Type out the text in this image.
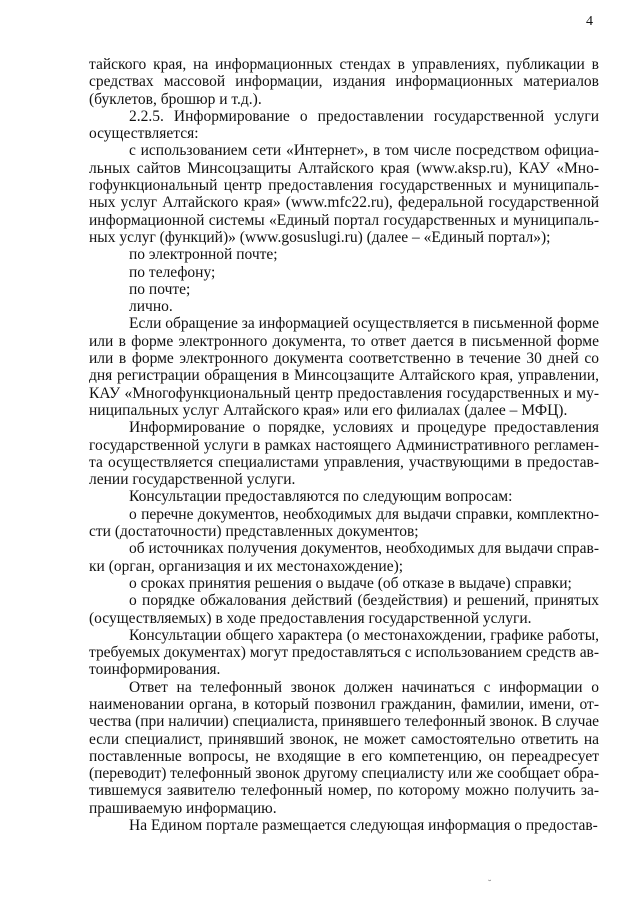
4

тайского края, на информационных стендах в управлениях, публикации в
средствах массовой информации, издания информационных материалов
(буклетов, брошюр и т.д.).

2.2.5. Информирование о предоставлении государственной услуги
осуществляется:

с использованием сети «Интернет», в том числе посредством официа-
льных сайтов Минсоцзащиты Алтайского края (www.aksp.ru), КАУ «Мно-
гофункциональный центр предоставления государственных и муниципаль-
ных услуг Алтайского края» (www.mfc22.ru), федеральной государственной
информационной системы «Единый портал государственных и муниципаль-
ных услуг (функций)» (www.gosuslugi.ru) (далее – «Единый портал»);

по электронной почте;

по телефону;

по почте;

лично.

Если обращение за информацией осуществляется в письменной форме
или в форме электронного документа, то ответ дается в письменной форме
или в форме электронного документа соответственно в течение 30 дней со
дня регистрации обращения в Минсоцзащите Алтайского края, управлении,
КАУ «Многофункциональный центр предоставления государственных и му-
ниципальных услуг Алтайского края» или его филиалах (далее – МФЦ).

Информирование о порядке, условиях и процедуре предоставления
государственной услуги в рамках настоящего Административного регламен-
та осуществляется специалистами управления, участвующими в предостав-
лении государственной услуги.

Консультации предоставляются по следующим вопросам:

о перечне документов, необходимых для выдачи справки, комплектно-
сти (достаточности) представленных документов;

об источниках получения документов, необходимых для выдачи справ-
ки (орган, организация и их местонахождение);

о сроках принятия решения о выдаче (об отказе в выдаче) справки;

о порядке обжалования действий (бездействия) и решений, принятых
(осуществляемых) в ходе предоставления государственной услуги.

Консультации общего характера (о местонахождении, графике работы,
требуемых документах) могут предоставляться с использованием средств ав-
тоинформирования.

Ответ на телефонный звонок должен начинаться с информации о
наименовании органа, в который позвонил гражданин, фамилии, имени, от-
чества (при наличии) специалиста, принявшего телефонный звонок. В случае
если специалист, принявший звонок, не может самостоятельно ответить на
поставленные вопросы, не входящие в его компетенцию, он переадресует
(переводит) телефонный звонок другому специалисту или же сообщает обра-
тившемуся заявителю телефонный номер, по которому можно получить за-
прашиваемую информацию.

На Едином портале размещается следующая информация о предостав-

˘
